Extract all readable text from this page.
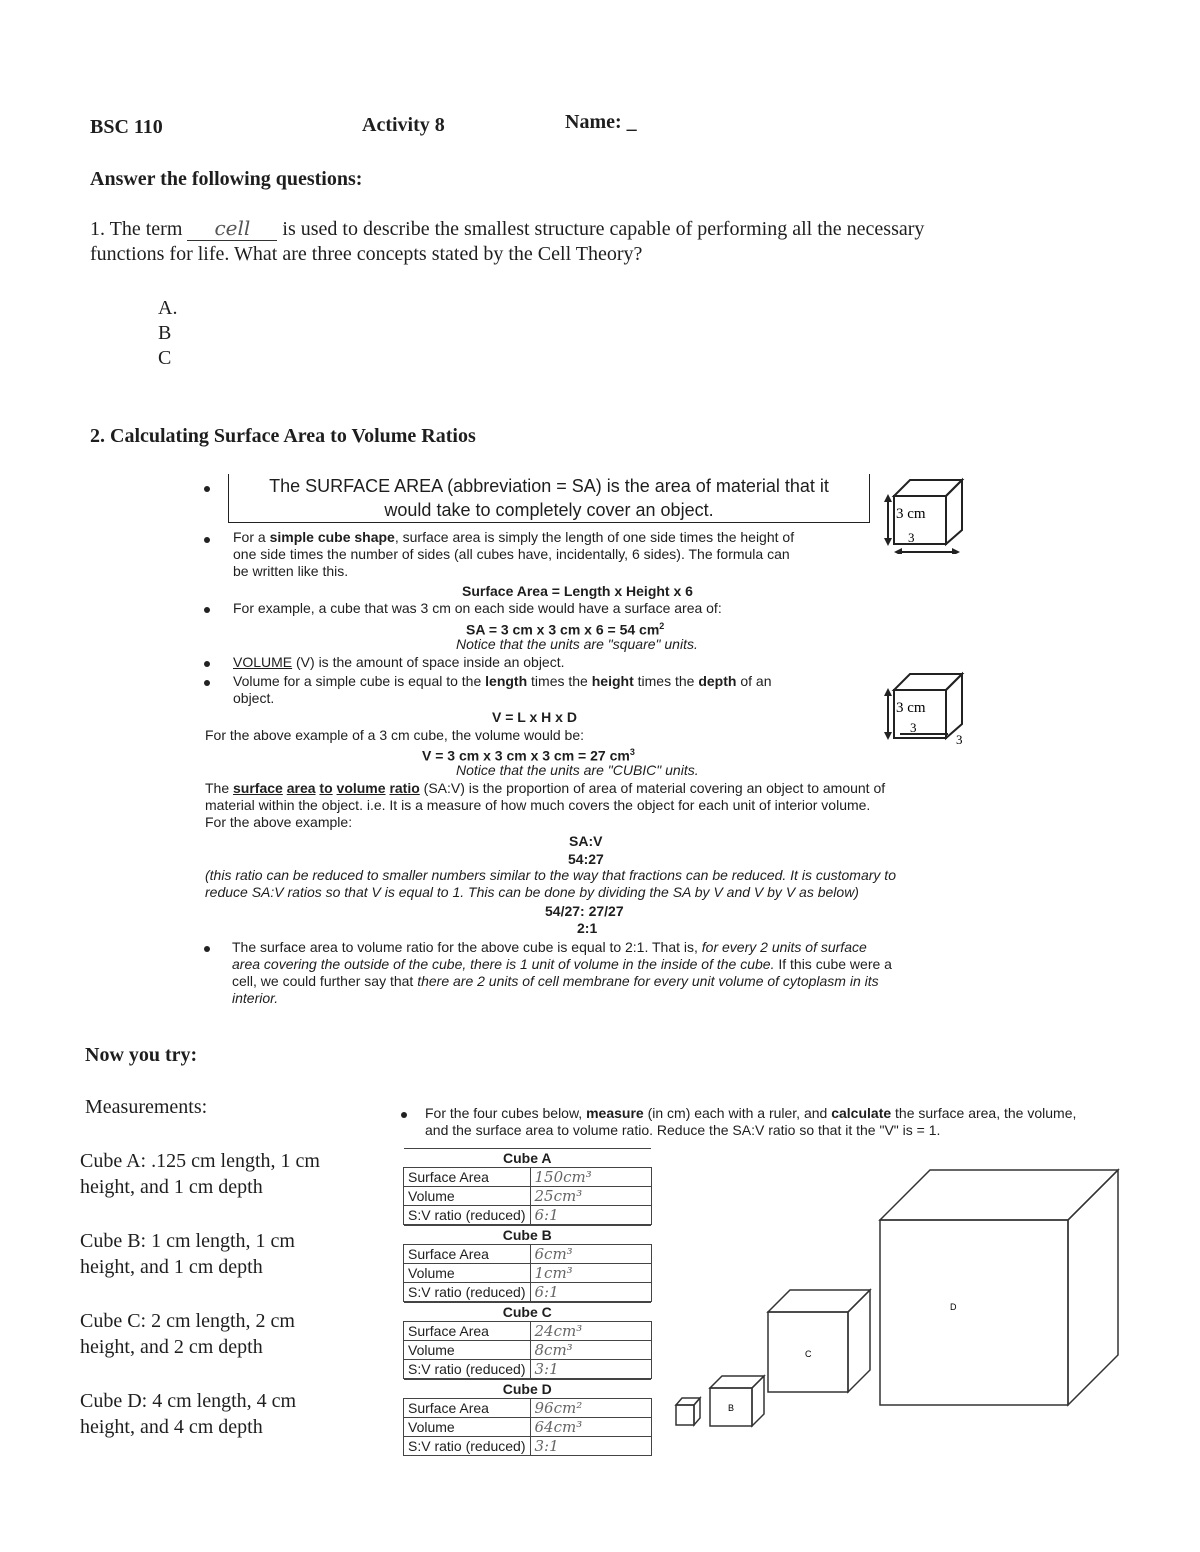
BSC 110	Activity 8	Name: _
Answer the following questions:
1. The term cell is used to describe the smallest structure capable of performing all the necessary
functions for life. What are three concepts stated by the Cell Theory?
A.
B
C
2. Calculating Surface Area to Volume Ratios
The SURFACE AREA (abbreviation = SA) is the area of material that it
would take to completely cover an object.	3 cm
3
For a simple cube shape, surface area is simply the length of one side times the height of
one side times the number of sides (all cubes have, incidentally, 6 sides). The formula can
be written like this.
Surface Area = Length x Height x 6
For example, a cube that was 3 cm on each side would have a surface area of:
SA = 3 cm x 3 cm x 6 = 54 $cm^2$
Notice that the units are "square" units.
VOLUME (V) is the amount of space inside an object.
Volume for a simple cube is equal to the length times the height times the depth of an
object.
3 cm
3
3
V = L x H x D
For the above example of a 3 cm cube, the volume would be:
V = 3 cm x 3 cm x 3 cm = 27 $cm^3$
Notice that the units are "CUBIC" units.
The surface area to volume ratio (SA:V) is the proportion of area of material covering an object to amount of
material within the object. i.e. It is a measure of how much covers the object for each unit of interior volume.
For the above example:
SA:V
54:27
(this ratio can be reduced to smaller numbers similar to the way that fractions can be reduced. It is customary to
reduce SA:V ratios so that V is equal to 1. This can be done by dividing the SA by V and V by V as below)
54/27: 27/27
2:1
The surface area to volume ratio for the above cube is equal to 2:1. That is, for every 2 units of surface
area covering the outside of the cube, there is 1 unit of volume in the inside of the cube. If this cube were a
cell, we could further say that there are 2 units of cell membrane for every unit volume of cytoplasm in its
interior.
Now you try:
Measurements:	For the four cubes below, measure (in cm) each with a ruler, and calculate the surface area, the volume,
and the surface area to volume ratio. Reduce the SA:V ratio so that it the "V" is = 1.
Cube A: .125 cm length, 1 cm
height, and 1 cm depth
Cube B: 1 cm length, 1 cm
height, and 1 cm depth
Cube C: 2 cm length, 2 cm
height, and 2 cm depth
Cube D: 4 cm length, 4 cm
height, and 4 cm depth
Cube A	
Surface Area	150cm³
Volume	25cm³
S:V ratio (reduced)	6:1
Cube B	
Surface Area	6cm³
Volume	1cm³
S:V ratio (reduced)	6:1
Cube C	
Surface Area	24cm³
Volume	8cm³
S:V ratio (reduced)	3:1
Cube D	
Surface Area	96cm²
Volume	64cm³
S:V ratio (reduced)	3:1
B
C
D
